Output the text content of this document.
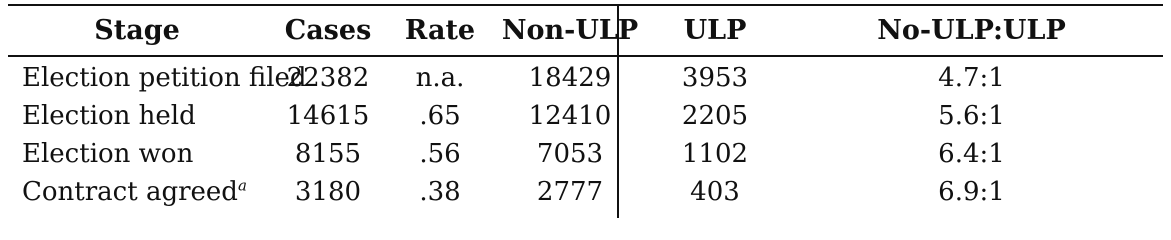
Stage	Cases	Rate	Non-ULP	ULP	No-ULP:ULP
Election petition filed	22382	n.a.	18429	3953	4.7:1
Election held	14615	.65	12410	2205	5.6:1
Election won	8155	.56	7053	1102	6.4:1
Contract agreed$^a$	3180	.38	2777	403	6.9:1
